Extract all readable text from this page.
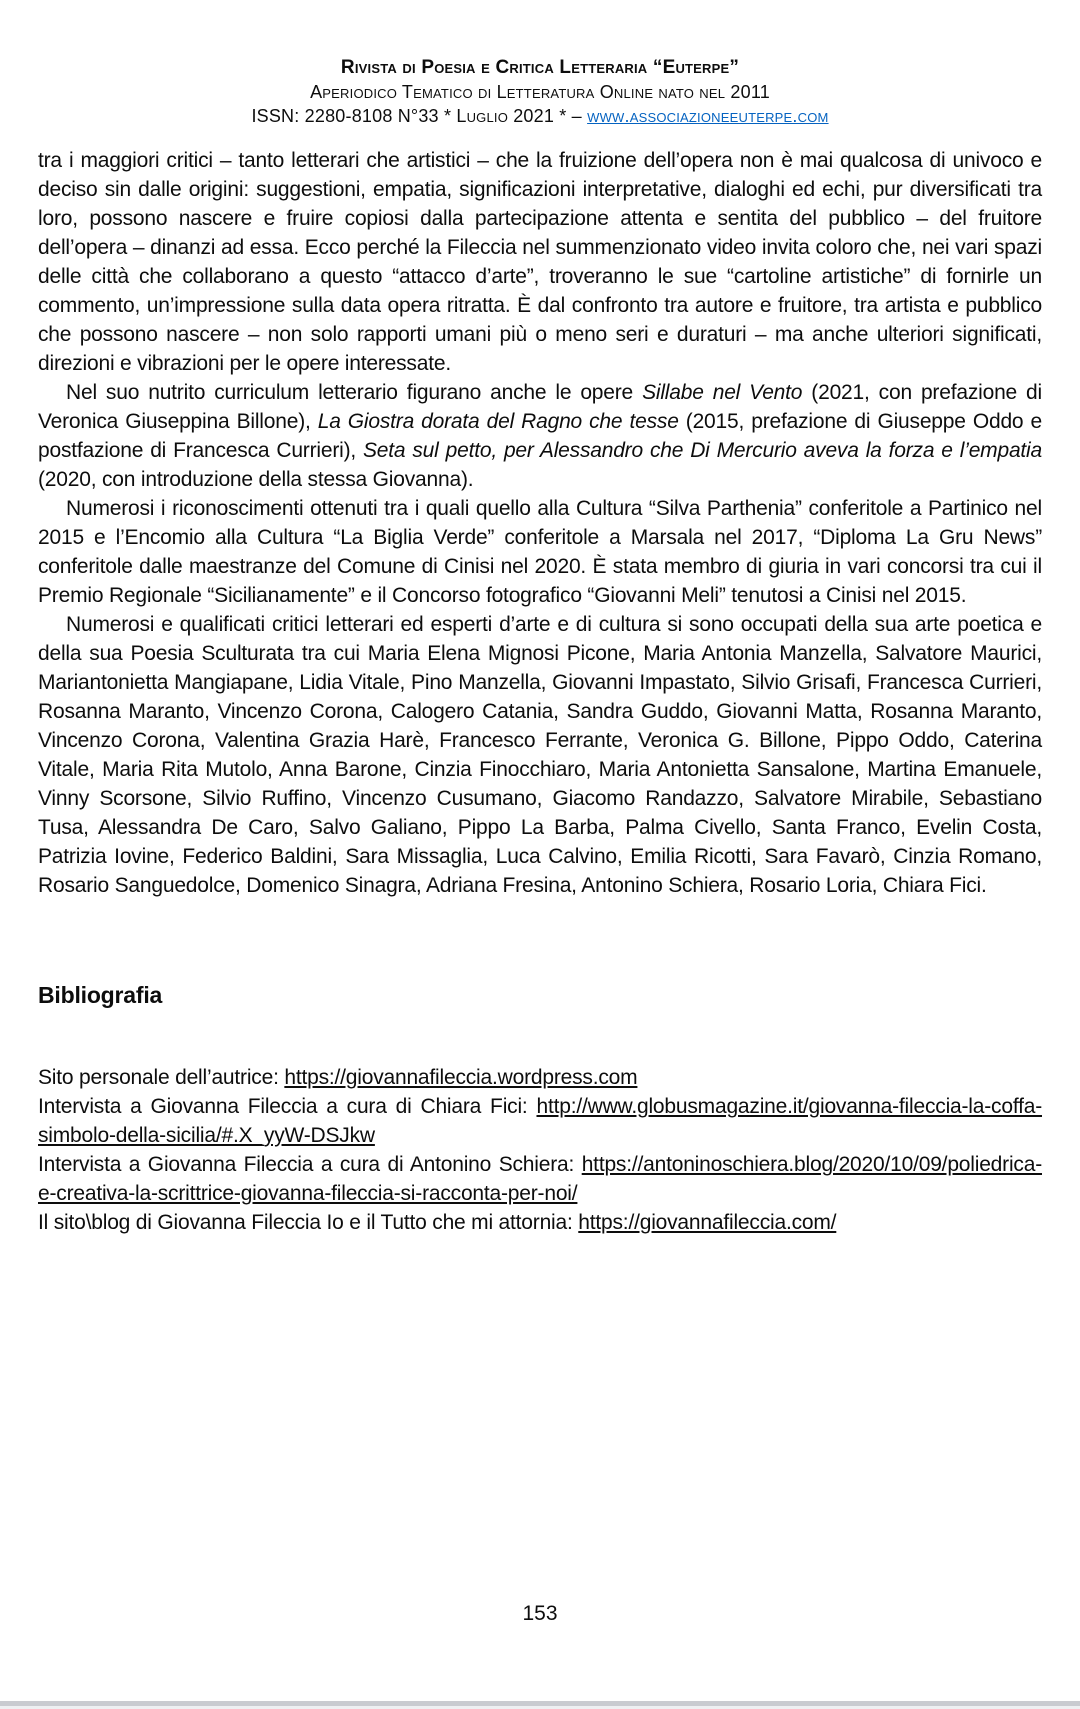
Rivista di Poesia e Critica Letteraria “Euterpe”
Aperiodico Tematico di Letteratura Online nato nel 2011
ISSN: 2280-8108 N°33 * Luglio 2021 * – www.associazioneeuterpe.com

tra i maggiori critici – tanto letterari che artistici – che la fruizione dell’opera non è mai qualcosa di univoco e deciso sin dalle origini: suggestioni, empatia, significazioni interpretative, dialoghi ed echi, pur diversificati tra loro, possono nascere e fruire copiosi dalla partecipazione attenta e sentita del pubblico – del fruitore dell’opera – dinanzi ad essa. Ecco perché la Fileccia nel summenzionato video invita coloro che, nei vari spazi delle città che collaborano a questo “attacco d’arte”, troveranno le sue “cartoline artistiche” di fornirle un commento, un’impressione sulla data opera ritratta. È dal confronto tra autore e fruitore, tra artista e pubblico che possono nascere – non solo rapporti umani più o meno seri e duraturi – ma anche ulteriori significati, direzioni e vibrazioni per le opere interessate.

Nel suo nutrito curriculum letterario figurano anche le opere Sillabe nel Vento (2021, con prefazione di Veronica Giuseppina Billone), La Giostra dorata del Ragno che tesse (2015, prefazione di Giuseppe Oddo e postfazione di Francesca Currieri), Seta sul petto, per Alessandro che Di Mercurio aveva la forza e l’empatia (2020, con introduzione della stessa Giovanna).

Numerosi i riconoscimenti ottenuti tra i quali quello alla Cultura “Silva Parthenia” conferitole a Partinico nel 2015 e l’Encomio alla Cultura “La Biglia Verde” conferitole a Marsala nel 2017, “Diploma La Gru News” conferitole dalle maestranze del Comune di Cinisi nel 2020. È stata membro di giuria in vari concorsi tra cui il Premio Regionale “Sicilianamente” e il Concorso fotografico “Giovanni Meli” tenutosi a Cinisi nel 2015.

Numerosi e qualificati critici letterari ed esperti d’arte e di cultura si sono occupati della sua arte poetica e della sua Poesia Sculturata tra cui Maria Elena Mignosi Picone, Maria Antonia Manzella, Salvatore Maurici, Mariantonietta Mangiapane, Lidia Vitale, Pino Manzella, Giovanni Impastato, Silvio Grisafi, Francesca Currieri, Rosanna Maranto, Vincenzo Corona, Calogero Catania, Sandra Guddo, Giovanni Matta, Rosanna Maranto, Vincenzo Corona, Valentina Grazia Harè, Francesco Ferrante, Veronica G. Billone, Pippo Oddo, Caterina Vitale, Maria Rita Mutolo, Anna Barone, Cinzia Finocchiaro, Maria Antonietta Sansalone, Martina Emanuele, Vinny Scorsone, Silvio Ruffino, Vincenzo Cusumano, Giacomo Randazzo, Salvatore Mirabile, Sebastiano Tusa, Alessandra De Caro, Salvo Galiano, Pippo La Barba, Palma Civello, Santa Franco, Evelin Costa, Patrizia Iovine, Federico Baldini, Sara Missaglia, Luca Calvino, Emilia Ricotti, Sara Favarò, Cinzia Romano, Rosario Sanguedolce, Domenico Sinagra, Adriana Fresina, Antonino Schiera, Rosario Loria, Chiara Fici.

Bibliografia

Sito personale dell’autrice: https://giovannafileccia.wordpress.com

Intervista a Giovanna Fileccia a cura di Chiara Fici: http://www.globusmagazine.it/giovanna-fileccia-la-coffa-simbolo-della-sicilia/#.X_yyW-DSJkw

Intervista a Giovanna Fileccia a cura di Antonino Schiera: https://antoninoschiera.blog/2020/10/09/poliedrica-e-creativa-la-scrittrice-giovanna-fileccia-si-racconta-per-noi/

Il sito\blog di Giovanna Fileccia Io e il Tutto che mi attornia: https://giovannafileccia.com/

153
